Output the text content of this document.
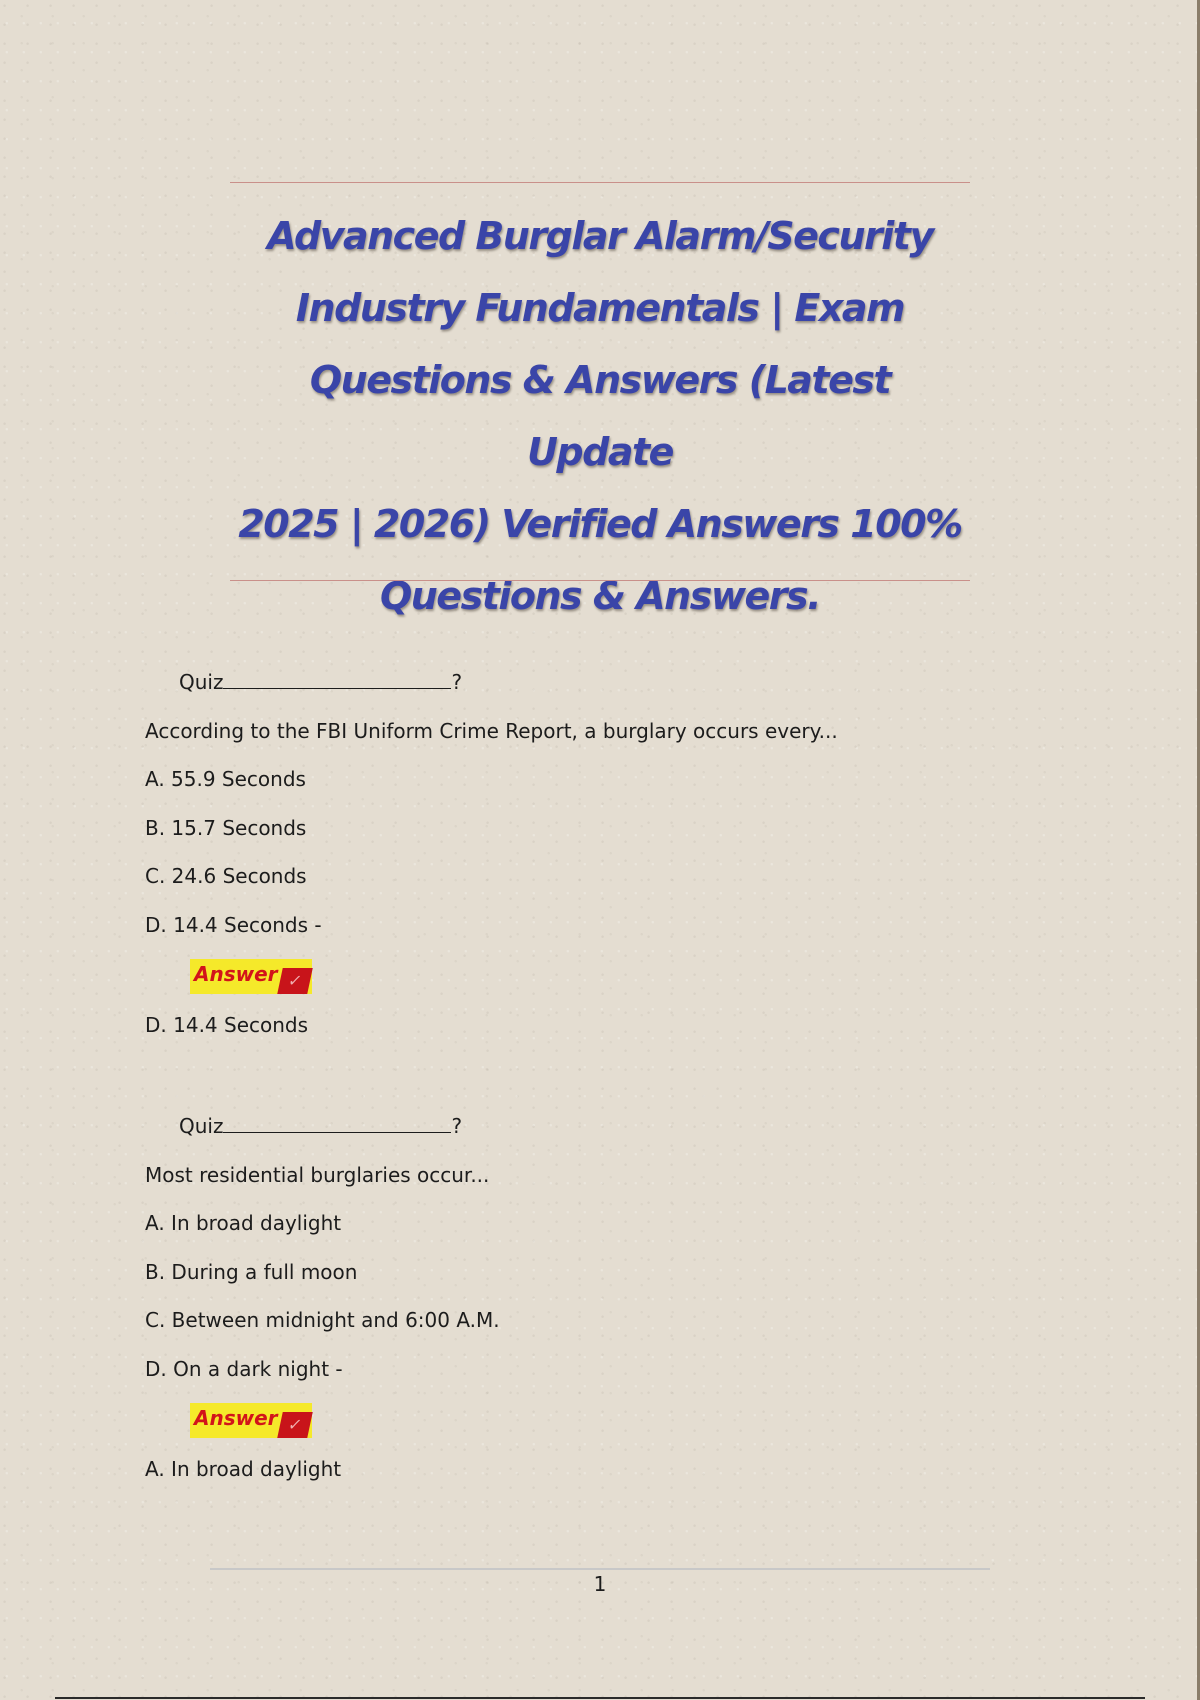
Advanced Burglar Alarm/Security
Industry Fundamentals | Exam
Questions & Answers (Latest Update
2025 | 2026) Verified Answers 100%
Questions & Answers.
Quiz	?
According to the FBI Uniform Crime Report, a burglary occurs every...
A. 55.9 Seconds
B. 15.7 Seconds
C. 24.6 Seconds
D. 14.4 Seconds -
Answer ✓
D. 14.4 Seconds
Quiz	?
Most residential burglaries occur...
A. In broad daylight
B. During a full moon
C. Between midnight and 6:00 A.M.
D. On a dark night -
Answer ✓
A. In broad daylight
1
